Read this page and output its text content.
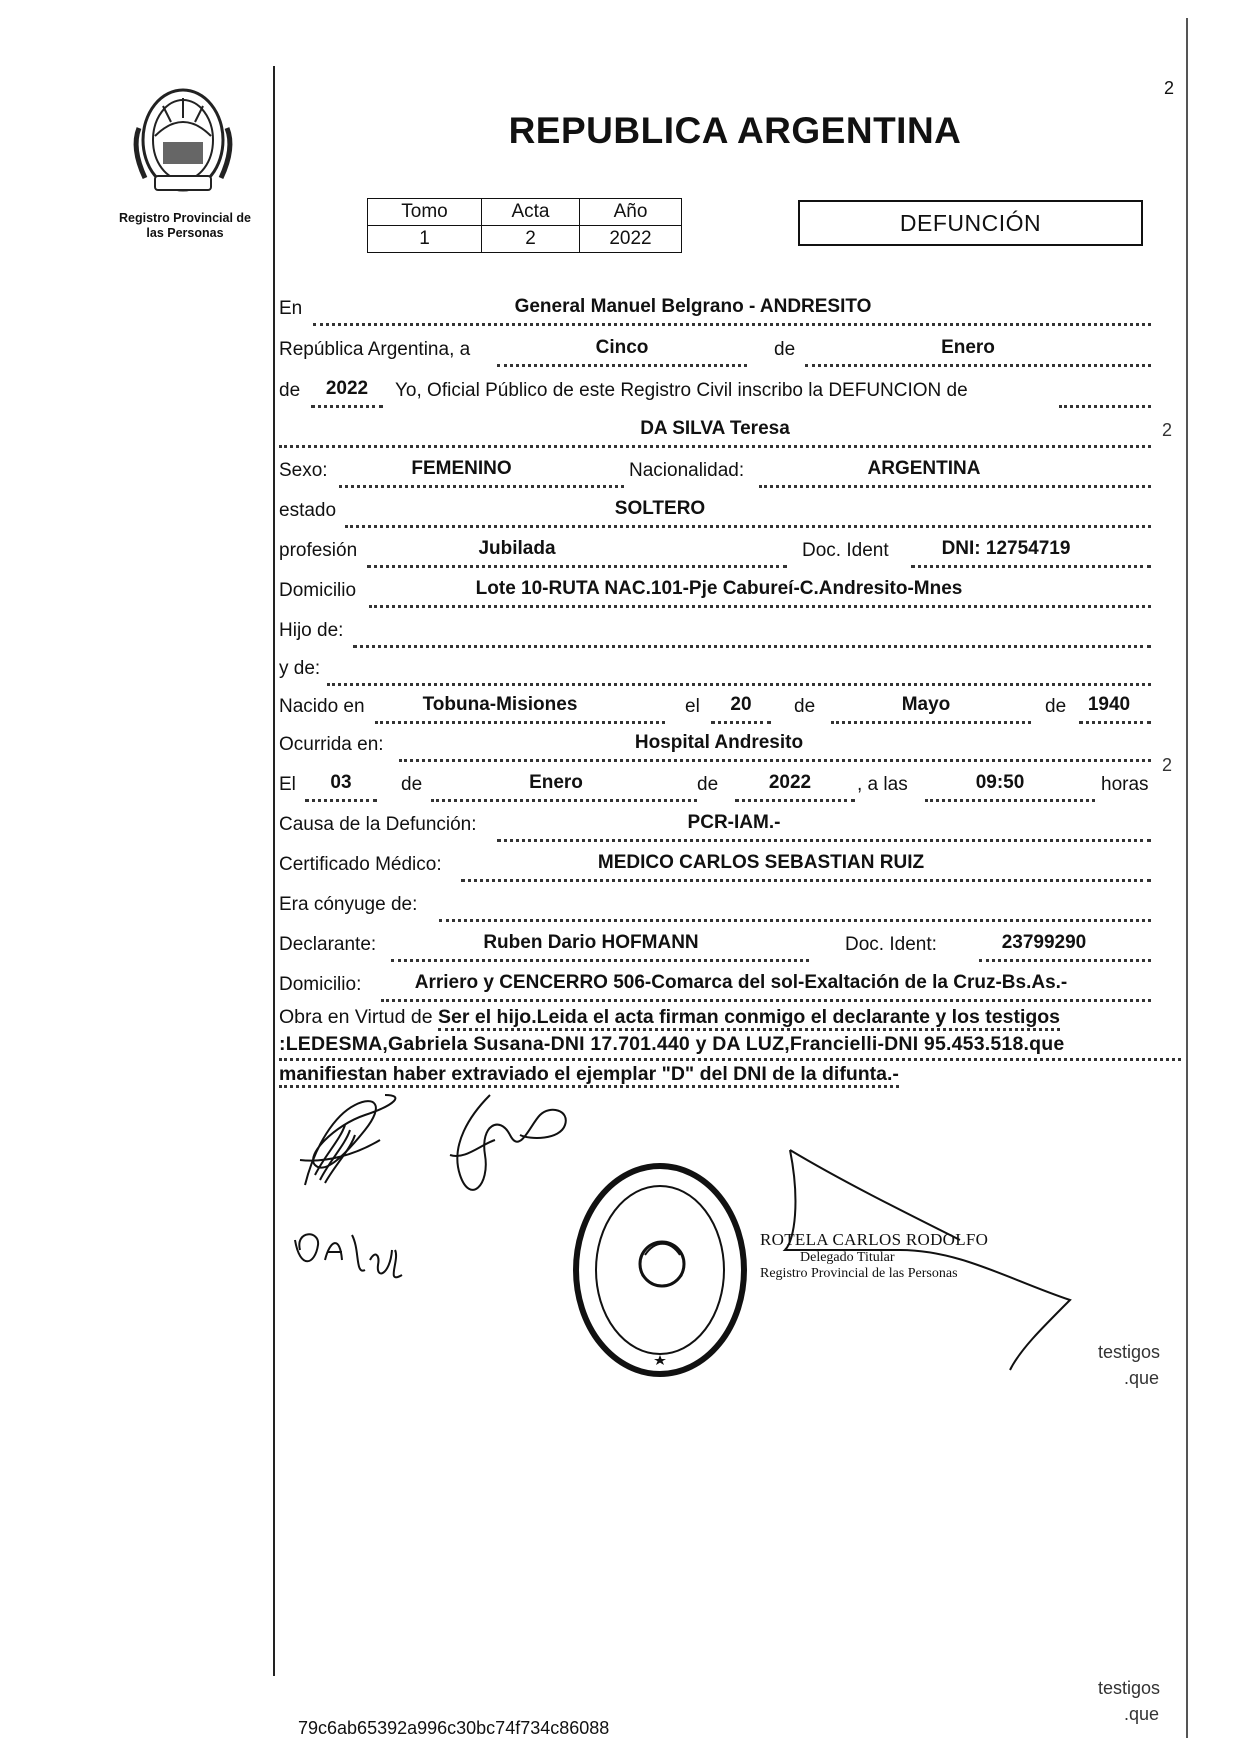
Registro Provincial de
las Personas
2
REPUBLICA ARGENTINA
Tomo	Acta	Año
1	2	2022
DEFUNCIÓN
En	General Manuel Belgrano - ANDRESITO
República Argentina, a	Cinco	de	Enero
de	2022	Yo, Oficial Público de este Registro Civil inscribo la DEFUNCION de
DA SILVA Teresa
Sexo:	FEMENINO	Nacionalidad:	ARGENTINA
estado	SOLTERO
profesión	Jubilada	Doc. Ident	DNI: 12754719
Domicilio	Lote 10-RUTA NAC.101-Pje Cabureí-C.Andresito-Mnes
Hijo de:
y de:
Nacido en	Tobuna-Misiones	el	20	de	Mayo	de	1940
Ocurrida en:	Hospital Andresito
El	03	de	Enero	de	2022	, a las	09:50	horas
Causa de la Defunción:	PCR-IAM.-
Certificado Médico:	MEDICO CARLOS SEBASTIAN RUIZ
Era cónyuge de:
Declarante:	Ruben Dario HOFMANN	Doc. Ident:	23799290
Domicilio:	Arriero y CENCERRO 506-Comarca del sol-Exaltación de la Cruz-Bs.As.-
Obra en Virtud de Ser el hijo.Leida el acta firman conmigo el declarante y los testigos
:LEDESMA,Gabriela Susana-DNI 17.701.440 y DA LUZ,Francielli-DNI 95.453.518.que
manifiestan haber extraviado el ejemplar "D" del DNI de la difunta.-
ROTELA CARLOS RODOLFO
Delegado Titular
Registro Provincial de las Personas
2
2
testigos
.que
testigos
.que
79c6ab65392a996c30bc74f734c86088
